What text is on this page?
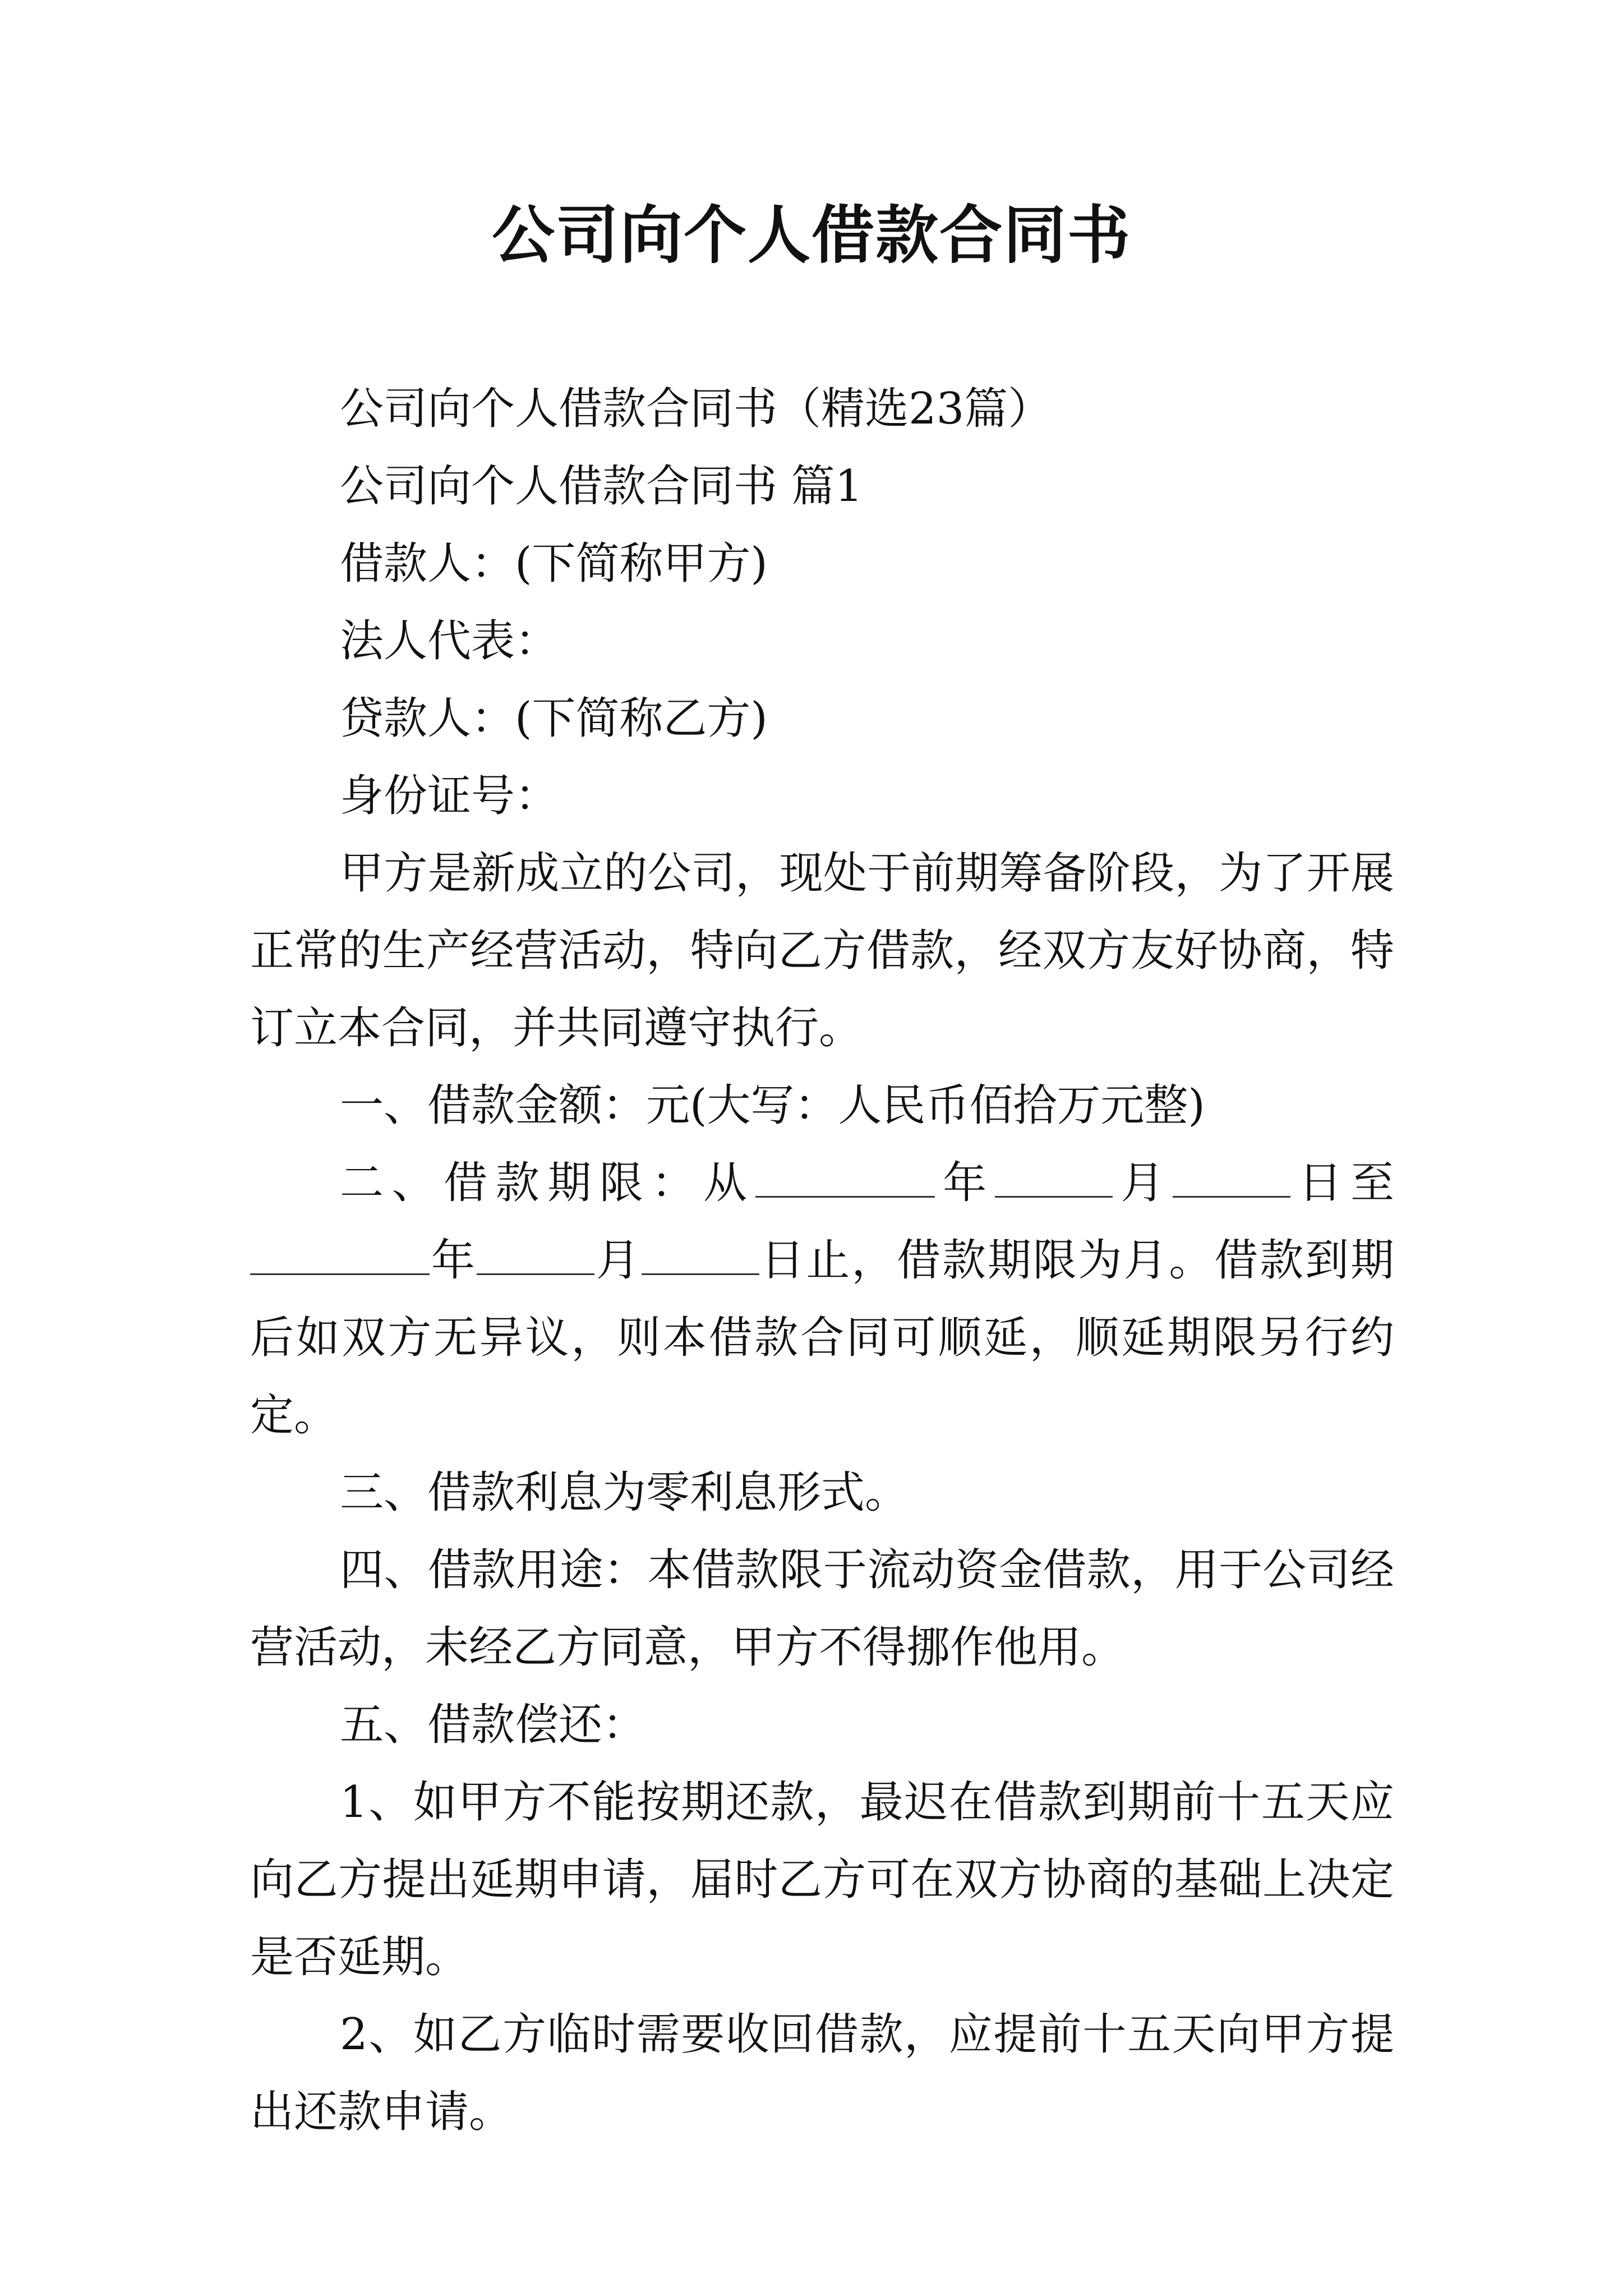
公司向个人借款合同书

公司向个人借款合同书（精选23篇）

公司向个人借款合同书 篇1

借款人：(下简称甲方)

法人代表：

贷款人：(下简称乙方)

身份证号：

甲方是新成立的公司，现处于前期筹备阶段，为了开展正常的生产经营活动，特向乙方借款，经双方友好协商，特订立本合同，并共同遵守执行。

一、借款金额：元(大写：人民币佰拾万元整)

二、借款期限：从	年	月	日至年	月	日止，借款期限为月。借款到期后如双方无异议，则本借款合同可顺延，顺延期限另行约定。

三、借款利息为零利息形式。

四、借款用途：本借款限于流动资金借款，用于公司经营活动，未经乙方同意，甲方不得挪作他用。

五、借款偿还：

1、如甲方不能按期还款，最迟在借款到期前十五天应向乙方提出延期申请，届时乙方可在双方协商的基础上决定是否延期。

2、如乙方临时需要收回借款，应提前十五天向甲方提出还款申请。
